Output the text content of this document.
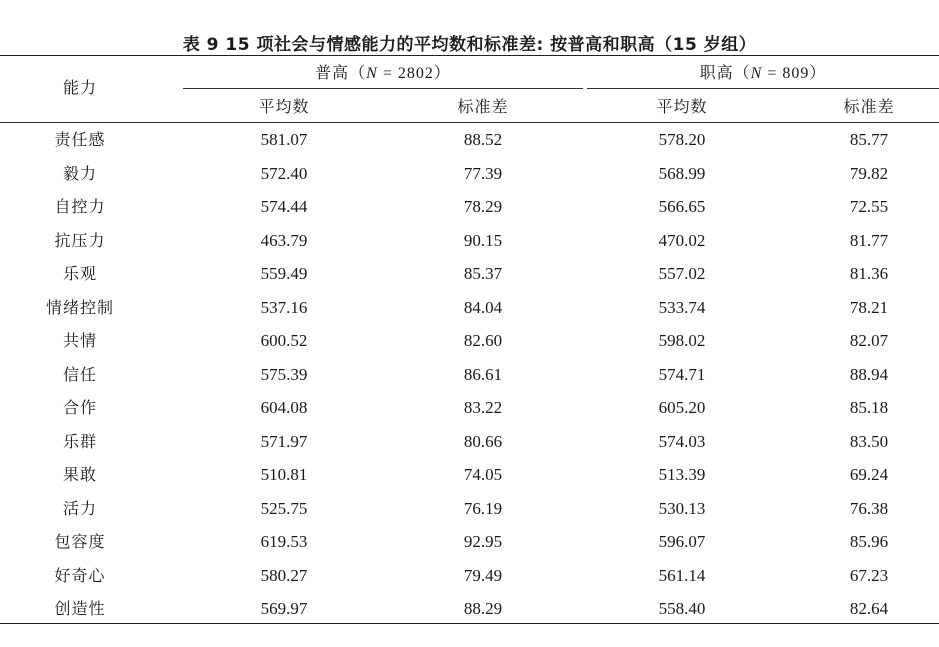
表 9 15 项社会与情感能力的平均数和标准差: 按普高和职高（15 岁组）
能力
普高（N = 2802）	职高（N = 809）
平均数	标准差	平均数	标准差
责任感	581.07	88.52	578.20	85.77
毅力	572.40	77.39	568.99	79.82
自控力	574.44	78.29	566.65	72.55
抗压力	463.79	90.15	470.02	81.77
乐观	559.49	85.37	557.02	81.36
情绪控制	537.16	84.04	533.74	78.21
共情	600.52	82.60	598.02	82.07
信任	575.39	86.61	574.71	88.94
合作	604.08	83.22	605.20	85.18
乐群	571.97	80.66	574.03	83.50
果敢	510.81	74.05	513.39	69.24
活力	525.75	76.19	530.13	76.38
包容度	619.53	92.95	596.07	85.96
好奇心	580.27	79.49	561.14	67.23
创造性	569.97	88.29	558.40	82.64
